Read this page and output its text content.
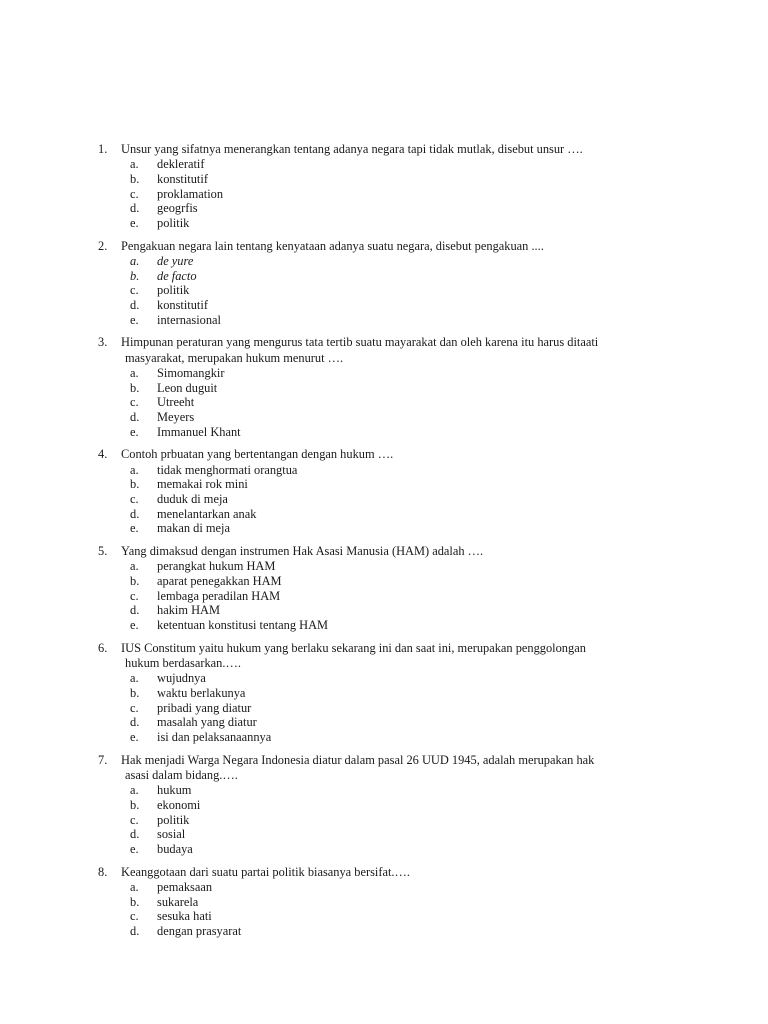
1.	Unsur yang sifatnya menerangkan tentang adanya negara tapi tidak mutlak, disebut unsur ….
a.	dekleratif
b.	konstitutif
c.	proklamation
d.	geogrfis
e.	politik
2.	Pengakuan negara lain tentang kenyataan adanya suatu negara, disebut pengakuan ....
a.	de yure
b.	de facto
c.	politik
d.	konstitutif
e.	internasional
3.	Himpunan peraturan yang mengurus tata tertib suatu mayarakat dan oleh karena itu harus ditaati
masyarakat, merupakan hukum menurut ….
a.	Simomangkir
b.	Leon duguit
c.	Utreeht
d.	Meyers
e.	Immanuel Khant
4.	Contoh prbuatan yang bertentangan dengan hukum ….
a.	tidak menghormati orangtua
b.	memakai rok mini
c.	duduk di meja
d.	menelantarkan anak
e.	makan di meja
5.	Yang dimaksud dengan instrumen Hak Asasi Manusia (HAM) adalah ….
a.	perangkat hukum HAM
b.	aparat penegakkan HAM
c.	lembaga peradilan HAM
d.	hakim HAM
e.	ketentuan konstitusi tentang HAM
6.	IUS Constitum yaitu hukum yang berlaku sekarang ini dan saat ini, merupakan penggolongan
hukum berdasarkan.….
a.	wujudnya
b.	waktu berlakunya
c.	pribadi yang diatur
d.	masalah yang diatur
e.	isi dan pelaksanaannya
7.	Hak menjadi Warga Negara Indonesia diatur dalam pasal 26 UUD 1945, adalah merupakan hak
asasi dalam bidang.….
a.	hukum
b.	ekonomi
c.	politik
d.	sosial
e.	budaya
8.	Keanggotaan dari suatu partai politik biasanya bersifat.….
a.	pemaksaan
b.	sukarela
c.	sesuka hati
d.	dengan prasyarat
